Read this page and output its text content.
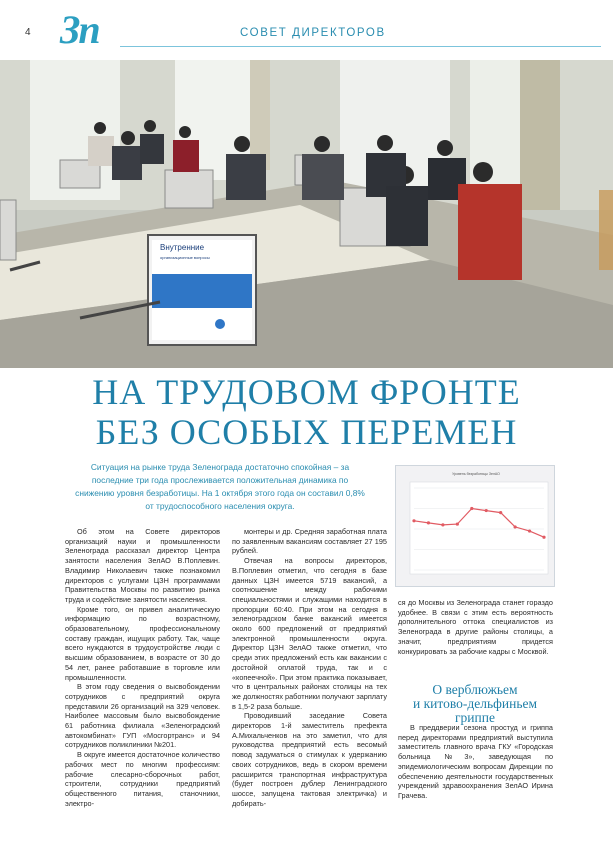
4 Зп	СОВЕТ ДИРЕКТОРОВ
Внутренние
организационные вопросы
НА ТРУДОВОМ ФРОНТЕ
БЕЗ ОСОБЫХ ПЕРЕМЕН
Ситуация на рынке труда Зеленограда достаточно спокойная – за последние три года прослеживается положительная динамика по снижению уровня безработицы. На 1 октября этого года он составил 0,8% от трудоспособного населения округа.
Уровень безработицы ЗелАО

Об этом на Совете директоров организаций науки и промышленности Зеленограда рассказал директор Центра занятости населения ЗелАО В.Поплевин. Владимир Николаевич также познакомил директоров с услугами ЦЗН программами Правительства Москвы по развитию рынка труда и содействие занятости населения.

Кроме того, он привел аналитическую информацию по возрастному, образовательному, профессиональному составу граждан, ищущих работу. Так, чаще всего нуждаются в трудоустройстве люди с высшим образованием, в возрасте от 30 до 54 лет, ранее работавшие в торговле или промышленности.

В этом году сведения о высвобождении сотрудников с предприятий округа представили 26 организаций на 329 человек. Наиболее массовым было высвобождение 61 работника филиала «Зеленоградский автокомбинат» ГУП «Мосгортранс» и 94 сотрудников поликлиники №201.

В округе имеется достаточное количество рабочих мест по многим профессиям: рабочие слесарно-сборочных работ, строители, сотрудники предприятий общественного питания, станочники, электро-

монтеры и др. Средняя заработная плата по заявленным вакансиям составляет 27 195 рублей.

Отвечая на вопросы директоров, В.Поплевин отметил, что сегодня в базе данных ЦЗН имеется 5719 вакансий, а соотношение между рабочими специальностями и служащими находится в пропорции 60:40. При этом на сегодня в зеленоградском банке вакансий имеется около 600 предложений от предприятий электронной промышленности округа. Директор ЦЗН ЗелАО также отметил, что среди этих предложений есть как вакансии с достойной оплатой труда, так и с «копеечной». При этом практика показывает, что в центральных районах столицы на тех же должностях работники получают зарплату в 1,5-2 раза больше.

Проводивший заседание Совета директоров 1-й заместитель префекта А.Михальченков на это заметил, что для руководства предприятий есть весомый повод задуматься о стимулах к удержанию своих сотрудников, ведь в скором времени расширится транспортная инфраструктура (будет построен дублер Ленинградского шоссе, запущена тактовая электричка) и добирать-

ся до Москвы из Зеленограда станет гораздо удобнее. В связи с этим есть вероятность дополнительного оттока специалистов из Зеленограда в другие районы столицы, а значит, предприятиям придется конкурировать за рабочие кадры с Москвой.

О верблюжьем
и китово-дельфиньем
гриппе

В преддверии сезона простуд и гриппа перед директорами предприятий выступила заместитель главного врача ГКУ «Городская больница №3», заведующая по эпидемиологическим вопросам Дирекции по обеспечению деятельности государственных учреждений здравоохранения ЗелАО Ирина Грачева.
